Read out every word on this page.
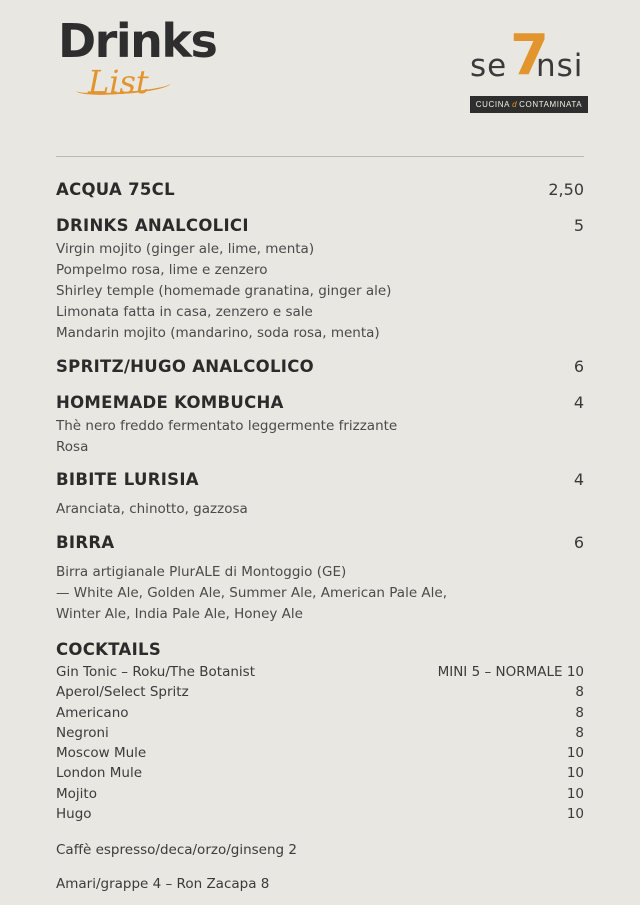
Drinks
List	se 7
nsi
CUCINA d CONTAMINATA
ACQUA 75CL	2,50
DRINKS ANALCOLICI	5
Virgin mojito (ginger ale, lime, menta)
Pompelmo rosa, lime e zenzero
Shirley temple (homemade granatina, ginger ale)
Limonata fatta in casa, zenzero e sale
Mandarin mojito (mandarino, soda rosa, menta)
SPRITZ/HUGO ANALCOLICO	6
HOMEMADE KOMBUCHA	4
Thè nero freddo fermentato leggermente frizzante
Rosa
BIBITE LURISIA	4
Aranciata, chinotto, gazzosa
BIRRA	6
Birra artigianale PlurALE di Montoggio (GE)
— White Ale, Golden Ale, Summer Ale, American Pale Ale,
Winter Ale, India Pale Ale, Honey Ale
COCKTAILS
Gin Tonic – Roku/The Botanist	MINI 5 – NORMALE 10
Aperol/Select Spritz	8
Americano	8
Negroni	8
Moscow Mule	10
London Mule	10
Mojito	10
Hugo	10
Caffè espresso/deca/orzo/ginseng 2
Amari/grappe 4 – Ron Zacapa 8
